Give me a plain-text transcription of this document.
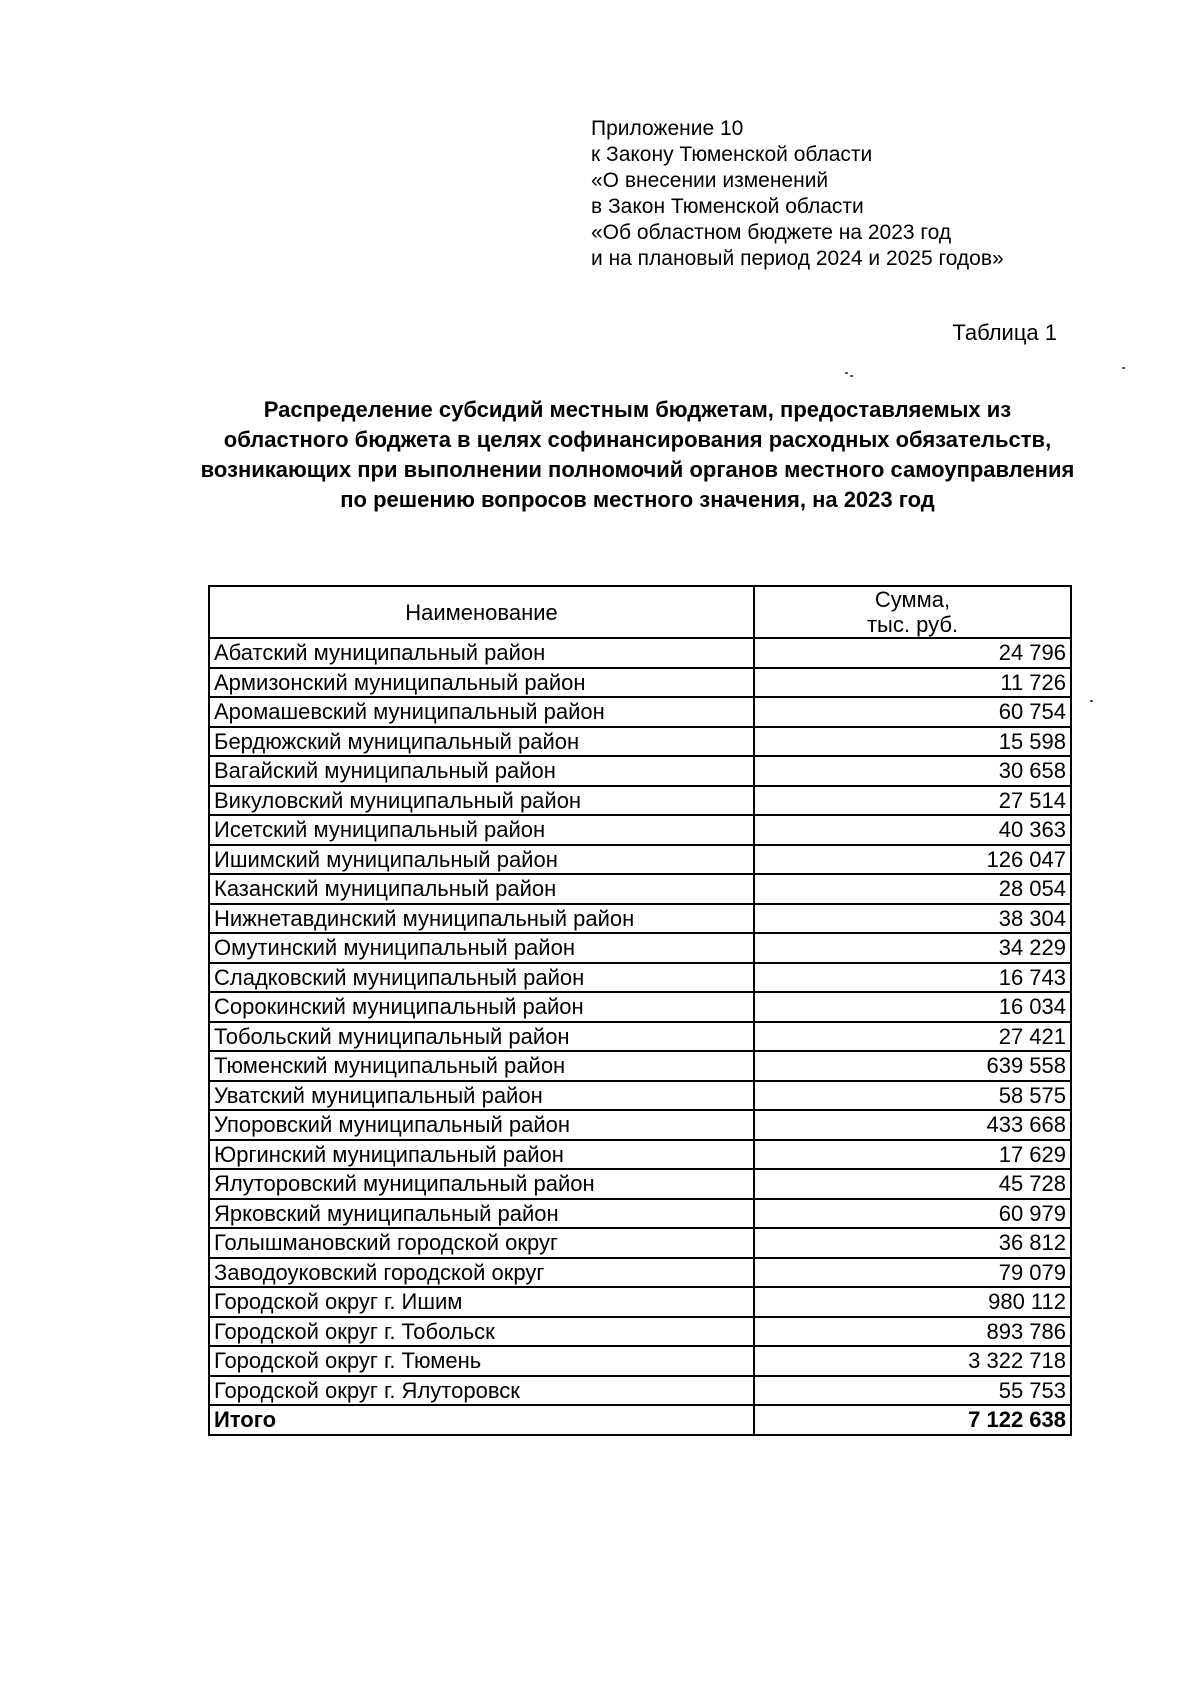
Приложение 10
к Закону Тюменской области
«О внесении изменений
в Закон Тюменской области
«Об областном бюджете на 2023 год
и на плановый период 2024 и 2025 годов»
Таблица 1
Распределение субсидий местным бюджетам, предоставляемых из областного бюджета в целях софинансирования расходных обязательств, возникающих при выполнении полномочий органов местного самоуправления по решению вопросов местного значения, на 2023 год
Наименование	Сумма,
тыс. руб.

Абатский муниципальный район	24 796
Армизонский муниципальный район	11 726
Аромашевский муниципальный район	60 754
Бердюжский муниципальный район	15 598
Вагайский муниципальный район	30 658
Викуловский муниципальный район	27 514
Исетский муниципальный район	40 363
Ишимский муниципальный район	126 047
Казанский муниципальный район	28 054
Нижнетавдинский муниципальный район	38 304
Омутинский муниципальный район	34 229
Сладковский муниципальный район	16 743
Сорокинский муниципальный район	16 034
Тобольский муниципальный район	27 421
Тюменский муниципальный район	639 558
Уватский муниципальный район	58 575
Упоровский муниципальный район	433 668
Юргинский муниципальный район	17 629
Ялуторовский муниципальный район	45 728
Ярковский муниципальный район	60 979
Голышмановский городской округ	36 812
Заводоуковский городской округ	79 079
Городской округ г. Ишим	980 112
Городской округ г. Тобольск	893 786
Городской округ г. Тюмень	3 322 718
Городской округ г. Ялуторовск	55 753
Итого	7 122 638
